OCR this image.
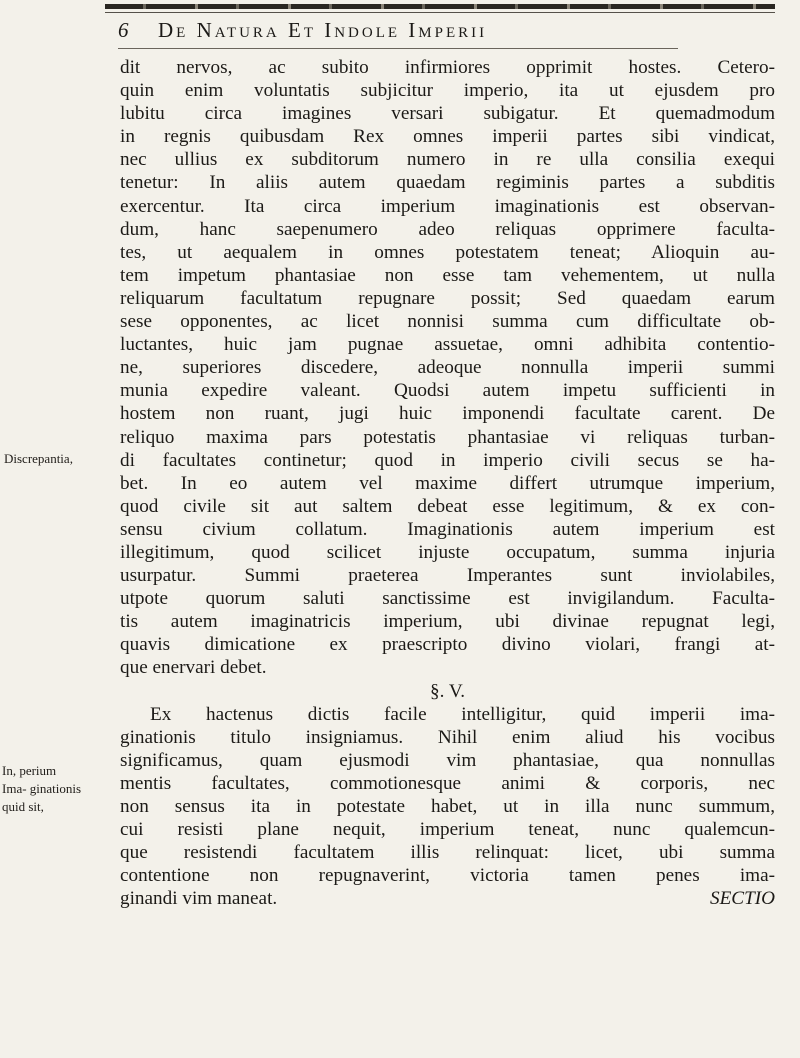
6	De Natura Et Indole Imperii
dit nervos, ac subito infirmiores opprimit hostes. Cetero-
quin enim voluntatis subjicitur imperio, ita ut ejusdem pro
lubitu circa imagines versari subigatur. Et quemadmodum
in regnis quibusdam Rex omnes imperii partes sibi vindicat,
nec ullius ex subditorum numero in re ulla consilia exequi
tenetur: In aliis autem quaedam regiminis partes a subditis
exercentur. Ita circa imperium imaginationis est observan-
dum, hanc saepenumero adeo reliquas opprimere faculta-
tes, ut aequalem in omnes potestatem teneat; Alioquin au-
tem impetum phantasiae non esse tam vehementem, ut nulla
reliquarum facultatum repugnare possit; Sed quaedam earum
sese opponentes, ac licet nonnisi summa cum difficultate ob-
luctantes, huic jam pugnae assuetae, omni adhibita contentio-
ne, superiores discedere, adeoque nonnulla imperii summi
munia expedire valeant. Quodsi autem impetu sufficienti in
hostem non ruant, jugi huic imponendi facultate carent. De
reliquo maxima pars potestatis phantasiae vi reliquas turban-
di facultates continetur; quod in imperio civili secus se ha-
bet. In eo autem vel maxime differt utrumque imperium,
quod civile sit aut saltem debeat esse legitimum, & ex con-
sensu civium collatum. Imaginationis autem imperium est
illegitimum, quod scilicet injuste occupatum, summa injuria
usurpatur. Summi praeterea Imperantes sunt inviolabiles,
utpote quorum saluti sanctissime est invigilandum. Faculta-
tis autem imaginatricis imperium, ubi divinae repugnat legi,
quavis dimicatione ex praescripto divino violari, frangi at-
que enervari debet.
§. V.
Ex hactenus dictis facile intelligitur, quid imperii ima-
ginationis titulo insigniamus. Nihil enim aliud his vocibus
significamus, quam ejusmodi vim phantasiae, qua nonnullas
mentis facultates, commotionesque animi & corporis, nec
non sensus ita in potestate habet, ut in illa nunc summum,
cui resisti plane nequit, imperium teneat, nunc qualemcun-
que resistendi facultatem illis relinquat: licet, ubi summa
contentione non repugnaverint, victoria tamen penes ima-
ginandi vim maneat.	SECTIO
Discrepantia,
In, perium Ima- ginationis quid sit,
